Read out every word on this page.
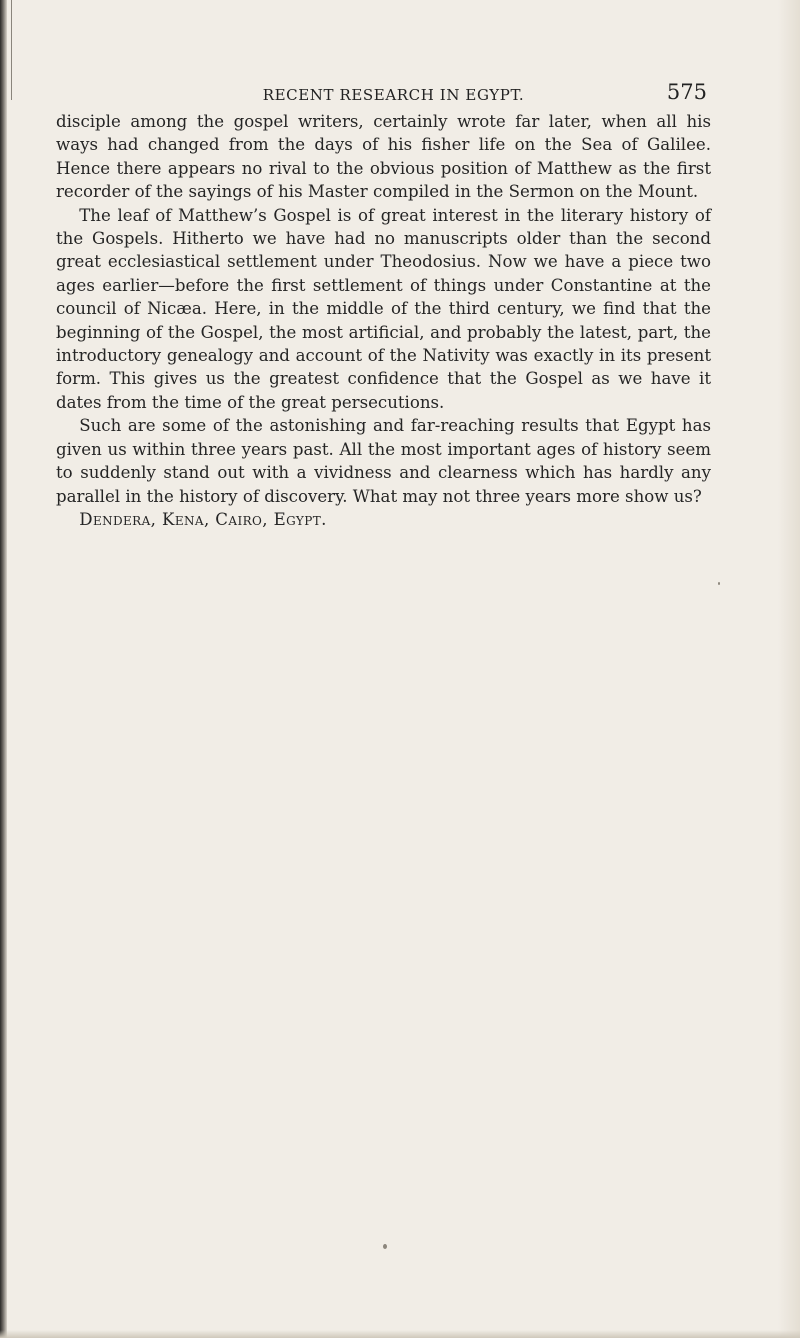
RECENT RESEARCH IN EGYPT.	575

disciple among the gospel writers, certainly wrote far later, when all his ways had changed from the days of his fisher life on the Sea of Galilee. Hence there appears no rival to the obvious position of Matthew as the first recorder of the sayings of his Master compiled in the Sermon on the Mount.

The leaf of Matthew’s Gospel is of great interest in the literary history of the Gospels. Hitherto we have had no manuscripts older than the second great ecclesiastical settlement under Theodosius. Now we have a piece two ages earlier—before the first settlement of things under Constantine at the council of Nicæa. Here, in the middle of the third century, we find that the beginning of the Gospel, the most artificial, and probably the latest, part, the introductory genealogy and account of the Nativity was exactly in its present form. This gives us the greatest confidence that the Gospel as we have it dates from the time of the great persecutions.

Such are some of the astonishing and far-reaching results that Egypt has given us within three years past. All the most important ages of history seem to suddenly stand out with a vividness and clearness which has hardly any parallel in the history of discovery. What may not three years more show us?

Dendera, Kena, Cairo, Egypt.
